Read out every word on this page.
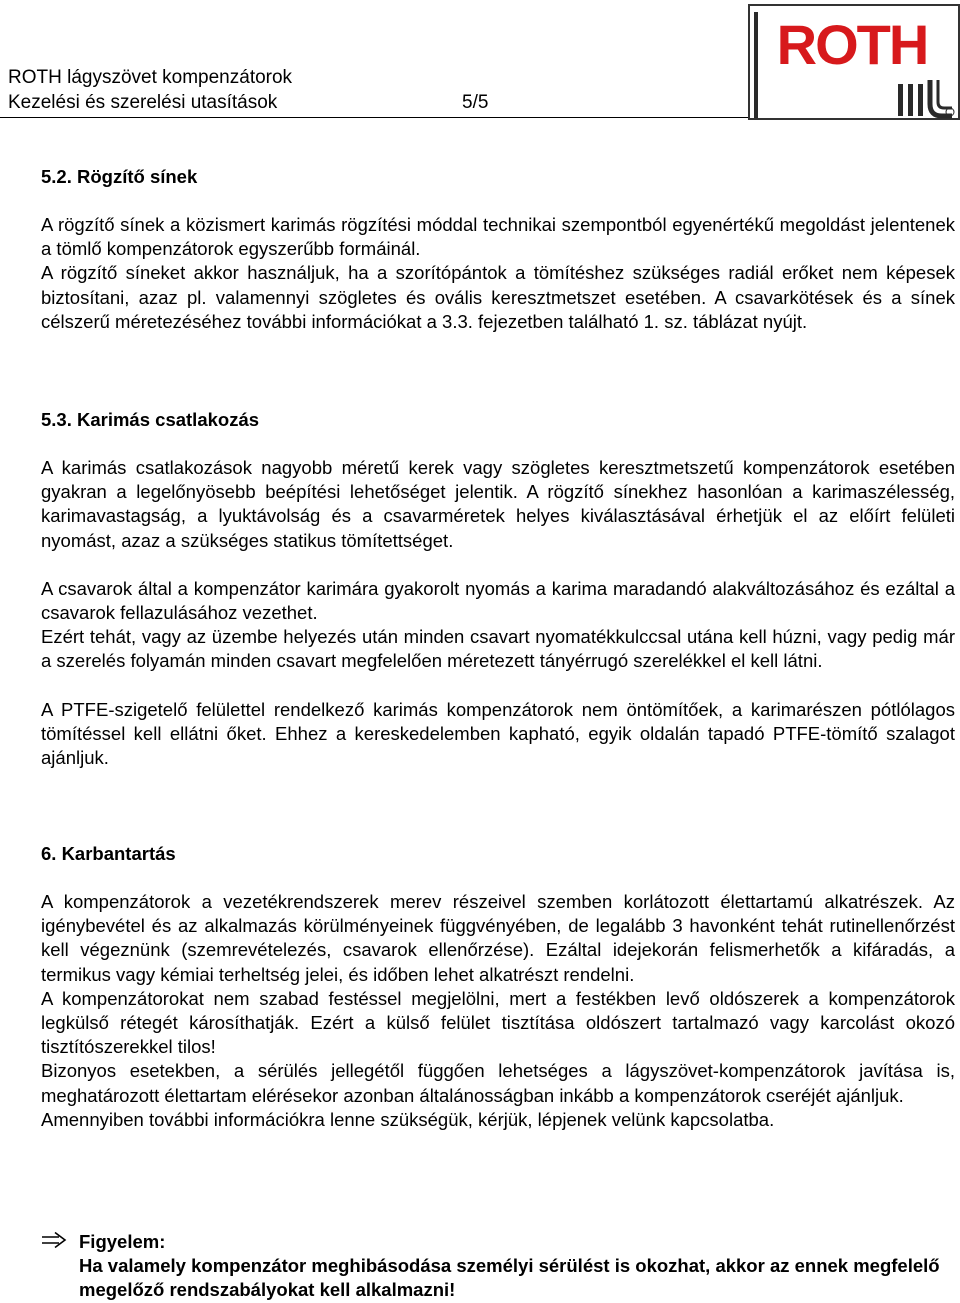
ROTH lágyszövet kompenzátorok
Kezelési és szerelési utasítások	5/5
ROTH
5.2. Rögzítő sínek

A rögzítő sínek a közismert karimás rögzítési móddal technikai szempontból egyenértékű megoldást jelentenek a tömlő kompenzátorok egyszerűbb formáinál.

A rögzítő síneket akkor használjuk, ha a szorítópántok a tömítéshez szükséges radiál erőket nem képesek biztosítani, azaz pl. valamennyi szögletes és ovális keresztmetszet esetében. A csavarkötések és a sínek célszerű méretezéséhez további információkat a 3.3. fejezetben található 1. sz. táblázat nyújt.

5.3. Karimás csatlakozás

A karimás csatlakozások nagyobb méretű kerek vagy szögletes keresztmetszetű kompenzátorok esetében gyakran a legelőnyösebb beépítési lehetőséget jelentik. A rögzítő sínekhez hasonlóan a karimaszélesség, karimavastagság, a lyuktávolság és a csavarméretek helyes kiválasztásával érhetjük el az előírt felületi nyomást, azaz a szükséges statikus tömítettséget.

A csavarok által a kompenzátor karimára gyakorolt nyomás a karima maradandó alakváltozásához és ezáltal a csavarok fellazulásához vezethet.

Ezért tehát, vagy az üzembe helyezés után minden csavart nyomatékkulccsal utána kell húzni, vagy pedig már a szerelés folyamán minden csavart megfelelően méretezett tányérrugó szerelékkel el kell látni.

A PTFE-szigetelő felülettel rendelkező karimás kompenzátorok nem öntömítőek, a karimarészen pótlólagos tömítéssel kell ellátni őket. Ehhez a kereskedelemben kapható, egyik oldalán tapadó PTFE-tömítő szalagot ajánljuk.

6. Karbantartás

A kompenzátorok a vezetékrendszerek merev részeivel szemben korlátozott élettartamú alkatrészek. Az igénybevétel és az alkalmazás körülményeinek függvényében, de legalább 3 havonként tehát rutinellenőrzést kell végeznünk (szemrevételezés, csavarok ellenőrzése). Ezáltal idejekorán felismerhetők a kifáradás, a termikus vagy kémiai terheltség jelei, és időben lehet alkatrészt rendelni.

A kompenzátorokat nem szabad festéssel megjelölni, mert a festékben levő oldószerek a kompenzátorok legkülső rétegét károsíthatják. Ezért a külső felület tisztítása oldószert tartalmazó vagy karcolást okozó tisztítószerekkel tilos!

Bizonyos esetekben, a sérülés jellegétől függően lehetséges a lágyszövet-kompenzátorok javítása is, meghatározott élettartam elérésekor azonban általánosságban inkább a kompenzátorok cseréjét ajánljuk.

Amennyiben további információkra lenne szükségük, kérjük, lépjenek velünk kapcsolatba.

Figyelem:
Ha valamely kompenzátor meghibásodása személyi sérülést is okozhat, akkor az ennek megfelelő megelőző rendszabályokat kell alkalmazni!
